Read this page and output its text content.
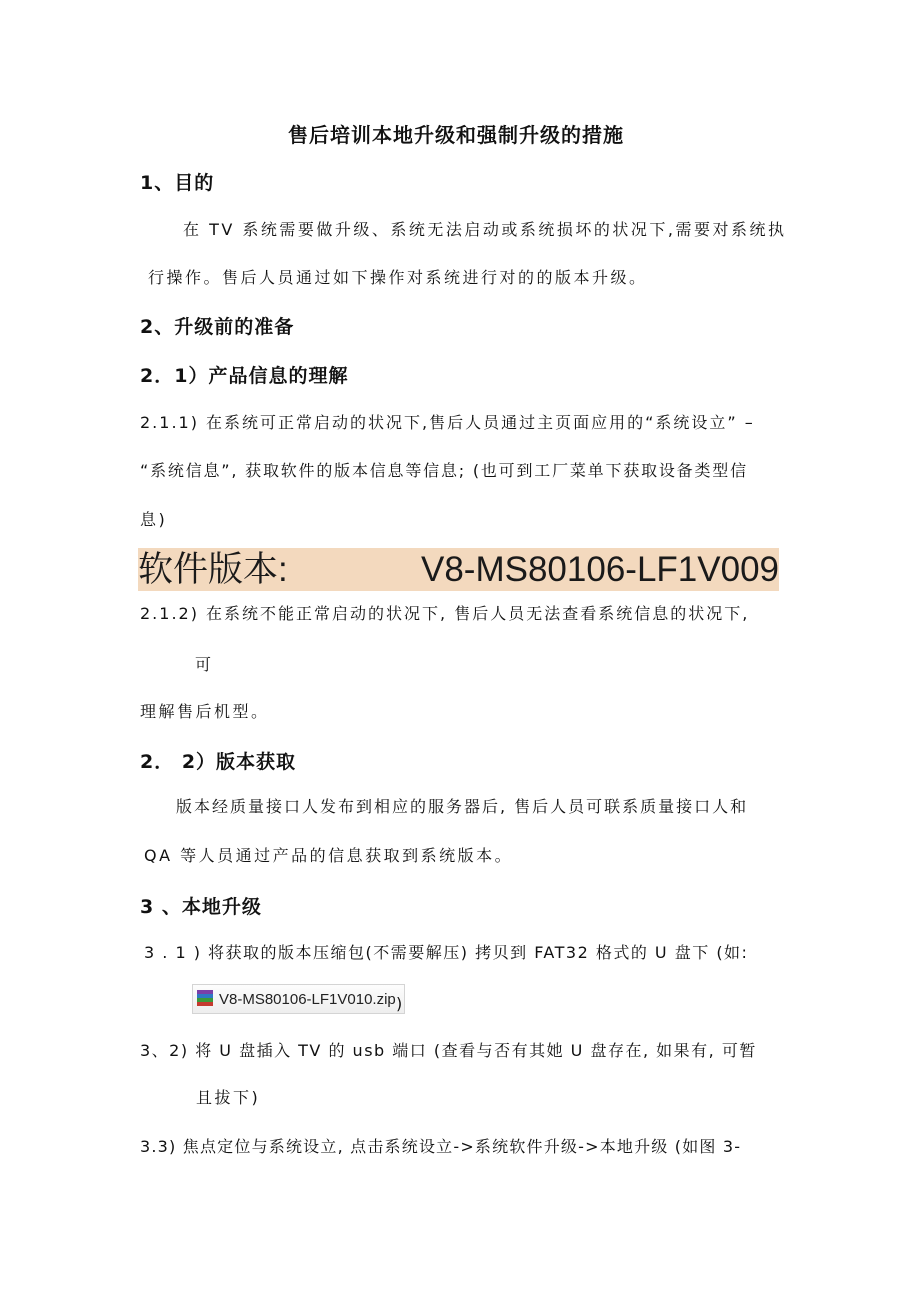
售后培训本地升级和强制升级的措施
1、目的
在 TV 系统需要做升级、系统无法启动或系统损坏的状况下,需要对系统执
行操作。售后人员通过如下操作对系统进行对的的版本升级。
2、升级前的准备
2．1）产品信息的理解
2.1.1) 在系统可正常启动的状况下,售后人员通过主页面应用的“系统设立” –
“系统信息”, 获取软件的版本信息等信息; (也可到工厂菜单下获取设备类型信
息)
软件版本:	V8-MS80106-LF1V009
2.1.2) 在系统不能正常启动的状况下, 售后人员无法查看系统信息的状况下,
可
理解售后机型。
2． 2）版本获取
版本经质量接口人发布到相应的服务器后, 售后人员可联系质量接口人和
QA 等人员通过产品的信息获取到系统版本。
3 、本地升级
3 . 1 ) 将获取的版本压缩包(不需要解压) 拷贝到 FAT32 格式的 U 盘下 (如:
V8-MS80106-LF1V010.zip )
3、2) 将 U 盘插入 TV 的 usb 端口 (查看与否有其她 U 盘存在, 如果有, 可暂
且拔下)
3.3) 焦点定位与系统设立, 点击系统设立->系统软件升级->本地升级 (如图 3-
